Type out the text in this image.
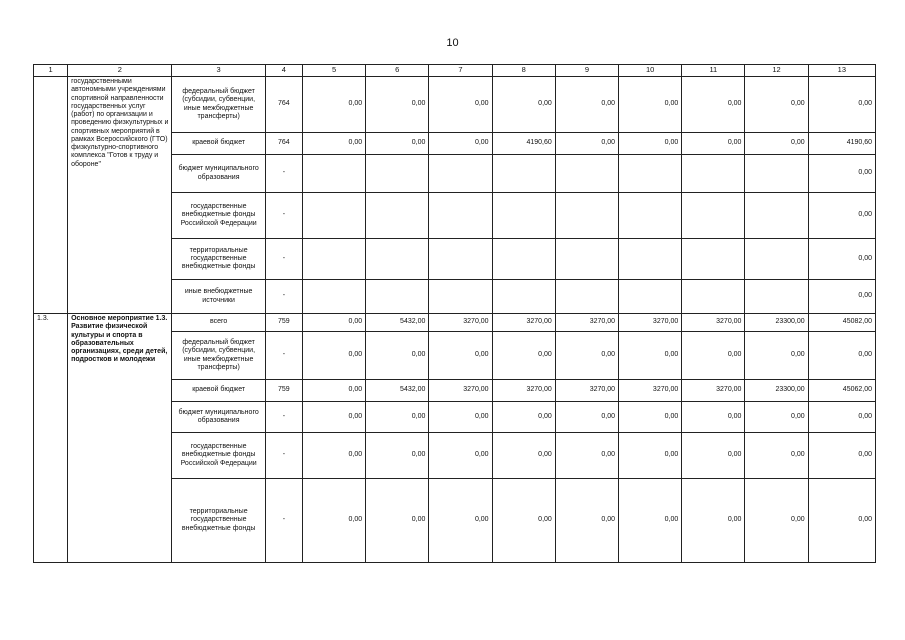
10
1	2	3	4	5	6	7	8	9	10	11	12	13
	государственными автономными учреждениями спортивной направленности государственных услуг (работ) по организации и проведению физкультурных и спортивных мероприятий в рамках Всероссийского (ГТО) физкультурно-спортивного комплекса "Готов к труду и обороне"	федеральный бюджет (субсидии, субвенции, иные межбюджетные трансферты)	764	0,00	0,00	0,00	0,00	0,00	0,00	0,00	0,00	0,00
		краевой бюджет	764	0,00	0,00	0,00	4190,60	0,00	0,00	0,00	0,00	4190,60
		бюджет муниципального образования	-									0,00
		государственные внебюджетные фонды Российской Федерации	-									0,00
		территориальные государственные внебюджетные фонды	-									0,00
		иные внебюджетные источники	-									0,00
1.3.	Основное мероприятие 1.3. Развитие физической культуры и спорта в образовательных организациях, среди детей, подростков и молодежи	всего	759	0,00	5432,00	3270,00	3270,00	3270,00	3270,00	3270,00	23300,00	45082,00
		федеральный бюджет (субсидии, субвенции, иные межбюджетные трансферты)	-	0,00	0,00	0,00	0,00	0,00	0,00	0,00	0,00	0,00
		краевой бюджет	759	0,00	5432,00	3270,00	3270,00	3270,00	3270,00	3270,00	23300,00	45062,00
		бюджет муниципального образования	-	0,00	0,00	0,00	0,00	0,00	0,00	0,00	0,00	0,00
		государственные внебюджетные фонды Российской Федерации	-	0,00	0,00	0,00	0,00	0,00	0,00	0,00	0,00	0,00
		территориальные государственные внебюджетные фонды	-	0,00	0,00	0,00	0,00	0,00	0,00	0,00	0,00	0,00
